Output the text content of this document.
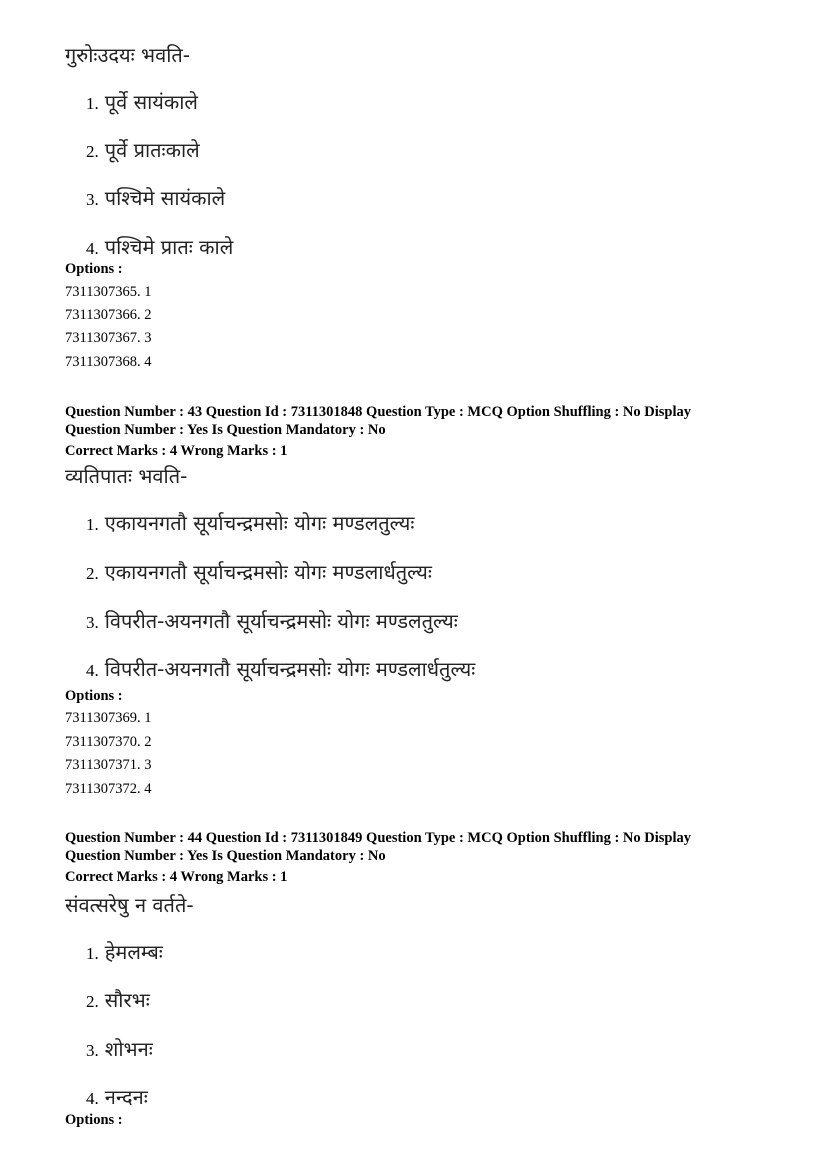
गुरुोःउदयः भवति-
1. पूर्वे सायंकाले
2. पूर्वे प्रातःकाले
3. पश्चिमे सायंकाले
4. पश्चिमे प्रातः काले
Options :
7311307365. 1
7311307366. 2
7311307367. 3
7311307368. 4
Question Number : 43 Question Id : 7311301848 Question Type : MCQ Option Shuffling : No Display
Question Number : Yes Is Question Mandatory : No
Correct Marks : 4 Wrong Marks : 1
व्यतिपातः भवति-
1. एकायनगतौ सूर्याचन्द्रमसोः योगः मण्डलतुल्यः
2. एकायनगतौ सूर्याचन्द्रमसोः योगः मण्डलार्धतुल्यः
3. विपरीत-अयनगतौ सूर्याचन्द्रमसोः योगः मण्डलतुल्यः
4. विपरीत-अयनगतौ सूर्याचन्द्रमसोः योगः मण्डलार्धतुल्यः
Options :
7311307369. 1
7311307370. 2
7311307371. 3
7311307372. 4
Question Number : 44 Question Id : 7311301849 Question Type : MCQ Option Shuffling : No Display
Question Number : Yes Is Question Mandatory : No
Correct Marks : 4 Wrong Marks : 1
संवत्सरेषु न वर्तते-
1. हेमलम्बः
2. सौरभः
3. शोभनः
4. नन्दनः
Options :
